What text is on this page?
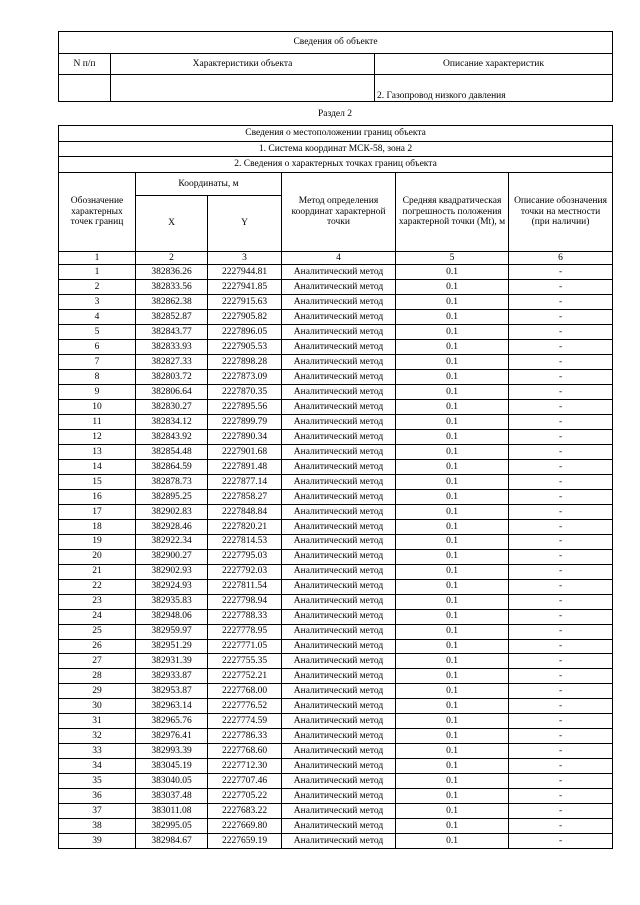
Сведения об объекте		
N п/п	Характеристики объекта	Описание характеристик
		2. Газопровод низкого давления
Раздел 2
Сведения о местоположении границ объекта					
1. Система координат МСК-58, зона 2					
2. Сведения о характерных точках границ объекта					
Обозначение характерных точек границ	Координаты, м		Метод определения координат характерной точки	Средняя квадратическая погрешность положения характерной точки (Mt), м	Описание обозначения точки на местности (при наличии)
	X	Y			
1	2	3	4	5	6
1	382836.26	2227944.81	Аналитический метод	0.1	-
2	382833.56	2227941.85	Аналитический метод	0.1	-
3	382862.38	2227915.63	Аналитический метод	0.1	-
4	382852.87	2227905.82	Аналитический метод	0.1	-
5	382843.77	2227896.05	Аналитический метод	0.1	-
6	382833.93	2227905.53	Аналитический метод	0.1	-
7	382827.33	2227898.28	Аналитический метод	0.1	-
8	382803.72	2227873.09	Аналитический метод	0.1	-
9	382806.64	2227870.35	Аналитический метод	0.1	-
10	382830.27	2227895.56	Аналитический метод	0.1	-
11	382834.12	2227899.79	Аналитический метод	0.1	-
12	382843.92	2227890.34	Аналитический метод	0.1	-
13	382854.48	2227901.68	Аналитический метод	0.1	-
14	382864.59	2227891.48	Аналитический метод	0.1	-
15	382878.73	2227877.14	Аналитический метод	0.1	-
16	382895.25	2227858.27	Аналитический метод	0.1	-
17	382902.83	2227848.84	Аналитический метод	0.1	-
18	382928.46	2227820.21	Аналитический метод	0.1	-
19	382922.34	2227814.53	Аналитический метод	0.1	-
20	382900.27	2227795.03	Аналитический метод	0.1	-
21	382902.93	2227792.03	Аналитический метод	0.1	-
22	382924.93	2227811.54	Аналитический метод	0.1	-
23	382935.83	2227798.94	Аналитический метод	0.1	-
24	382948.06	2227788.33	Аналитический метод	0.1	-
25	382959.97	2227778.95	Аналитический метод	0.1	-
26	382951.29	2227771.05	Аналитический метод	0.1	-
27	382931.39	2227755.35	Аналитический метод	0.1	-
28	382933.87	2227752.21	Аналитический метод	0.1	-
29	382953.87	2227768.00	Аналитический метод	0.1	-
30	382963.14	2227776.52	Аналитический метод	0.1	-
31	382965.76	2227774.59	Аналитический метод	0.1	-
32	382976.41	2227786.33	Аналитический метод	0.1	-
33	382993.39	2227768.60	Аналитический метод	0.1	-
34	383045.19	2227712.30	Аналитический метод	0.1	-
35	383040.05	2227707.46	Аналитический метод	0.1	-
36	383037.48	2227705.22	Аналитический метод	0.1	-
37	383011.08	2227683.22	Аналитический метод	0.1	-
38	382995.05	2227669.80	Аналитический метод	0.1	-
39	382984.67	2227659.19	Аналитический метод	0.1	-
